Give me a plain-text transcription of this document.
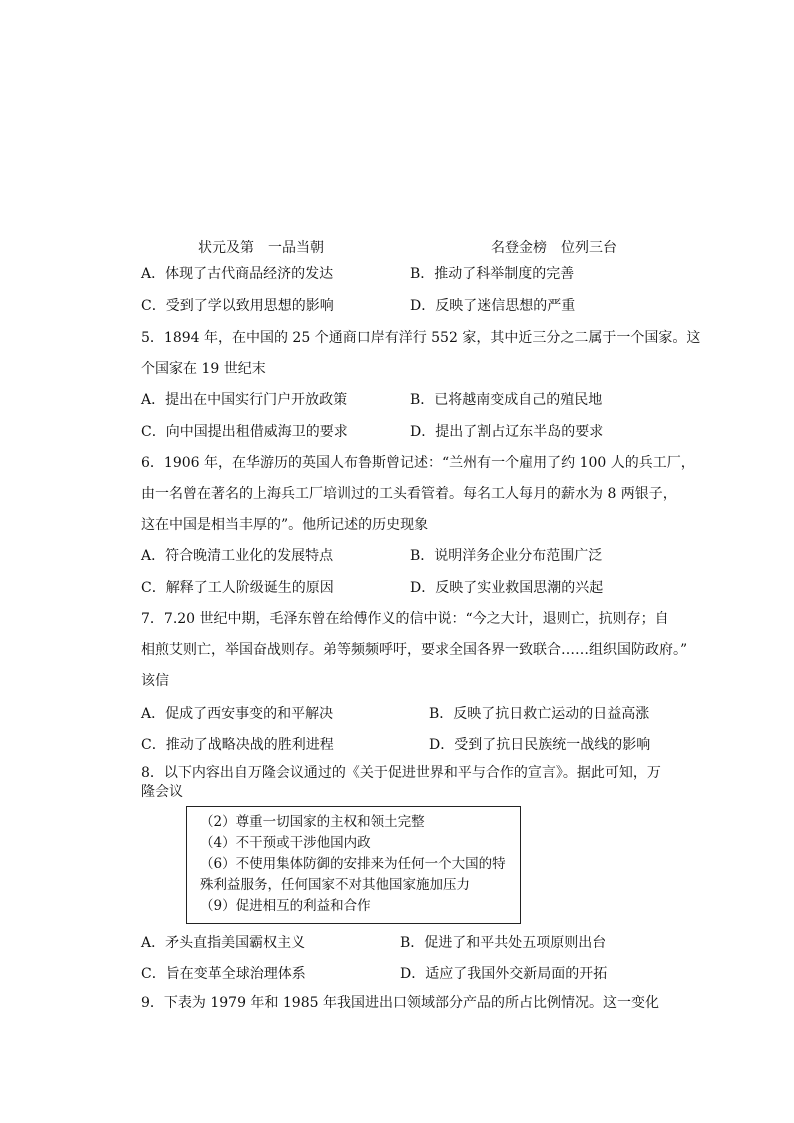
状元及第　一品当朝	名登金榜　位列三台
A．体现了古代商品经济的发达	B．推动了科举制度的完善
C．受到了学以致用思想的影响	D．反映了迷信思想的严重
5．1894 年，在中国的 25 个通商口岸有洋行 552 家，其中近三分之二属于一个国家。这
个国家在 19 世纪末
A．提出在中国实行门户开放政策	B．已将越南变成自己的殖民地
C．向中国提出租借威海卫的要求	D．提出了割占辽东半岛的要求
6．1906 年，在华游历的英国人布鲁斯曾记述：“兰州有一个雇用了约 100 人的兵工厂，
由一名曾在著名的上海兵工厂培训过的工头看管着。每名工人每月的薪水为 8 两银子，
这在中国是相当丰厚的”。他所记述的历史现象
A．符合晚清工业化的发展特点	B．说明洋务企业分布范围广泛
C．解释了工人阶级诞生的原因	D．反映了实业救国思潮的兴起
7．7.20 世纪中期，毛泽东曾在给傅作义的信中说：“今之大计，退则亡，抗则存；自
相煎艾则亡，举国奋战则存。弟等频频呼吁，要求全国各界一致联合……组织国防政府。”
该信
A．促成了西安事变的和平解决	B．反映了抗日救亡运动的日益高涨
C．推动了战略决战的胜利进程	D．受到了抗日民族统一战线的影响
8．以下内容出自万隆会议通过的《关于促进世界和平与合作的宣言》。据此可知，万
隆会议
（2）尊重一切国家的主权和领土完整
（4）不干预或干涉他国内政
（6）不使用集体防御的安排来为任何一个大国的特
殊利益服务，任何国家不对其他国家施加压力
（9）促进相互的利益和合作
A．矛头直指美国霸权主义	B．促进了和平共处五项原则出台
C．旨在变革全球治理体系	D．适应了我国外交新局面的开拓
9．下表为 1979 年和 1985 年我国进出口领域部分产品的所占比例情况。这一变化
